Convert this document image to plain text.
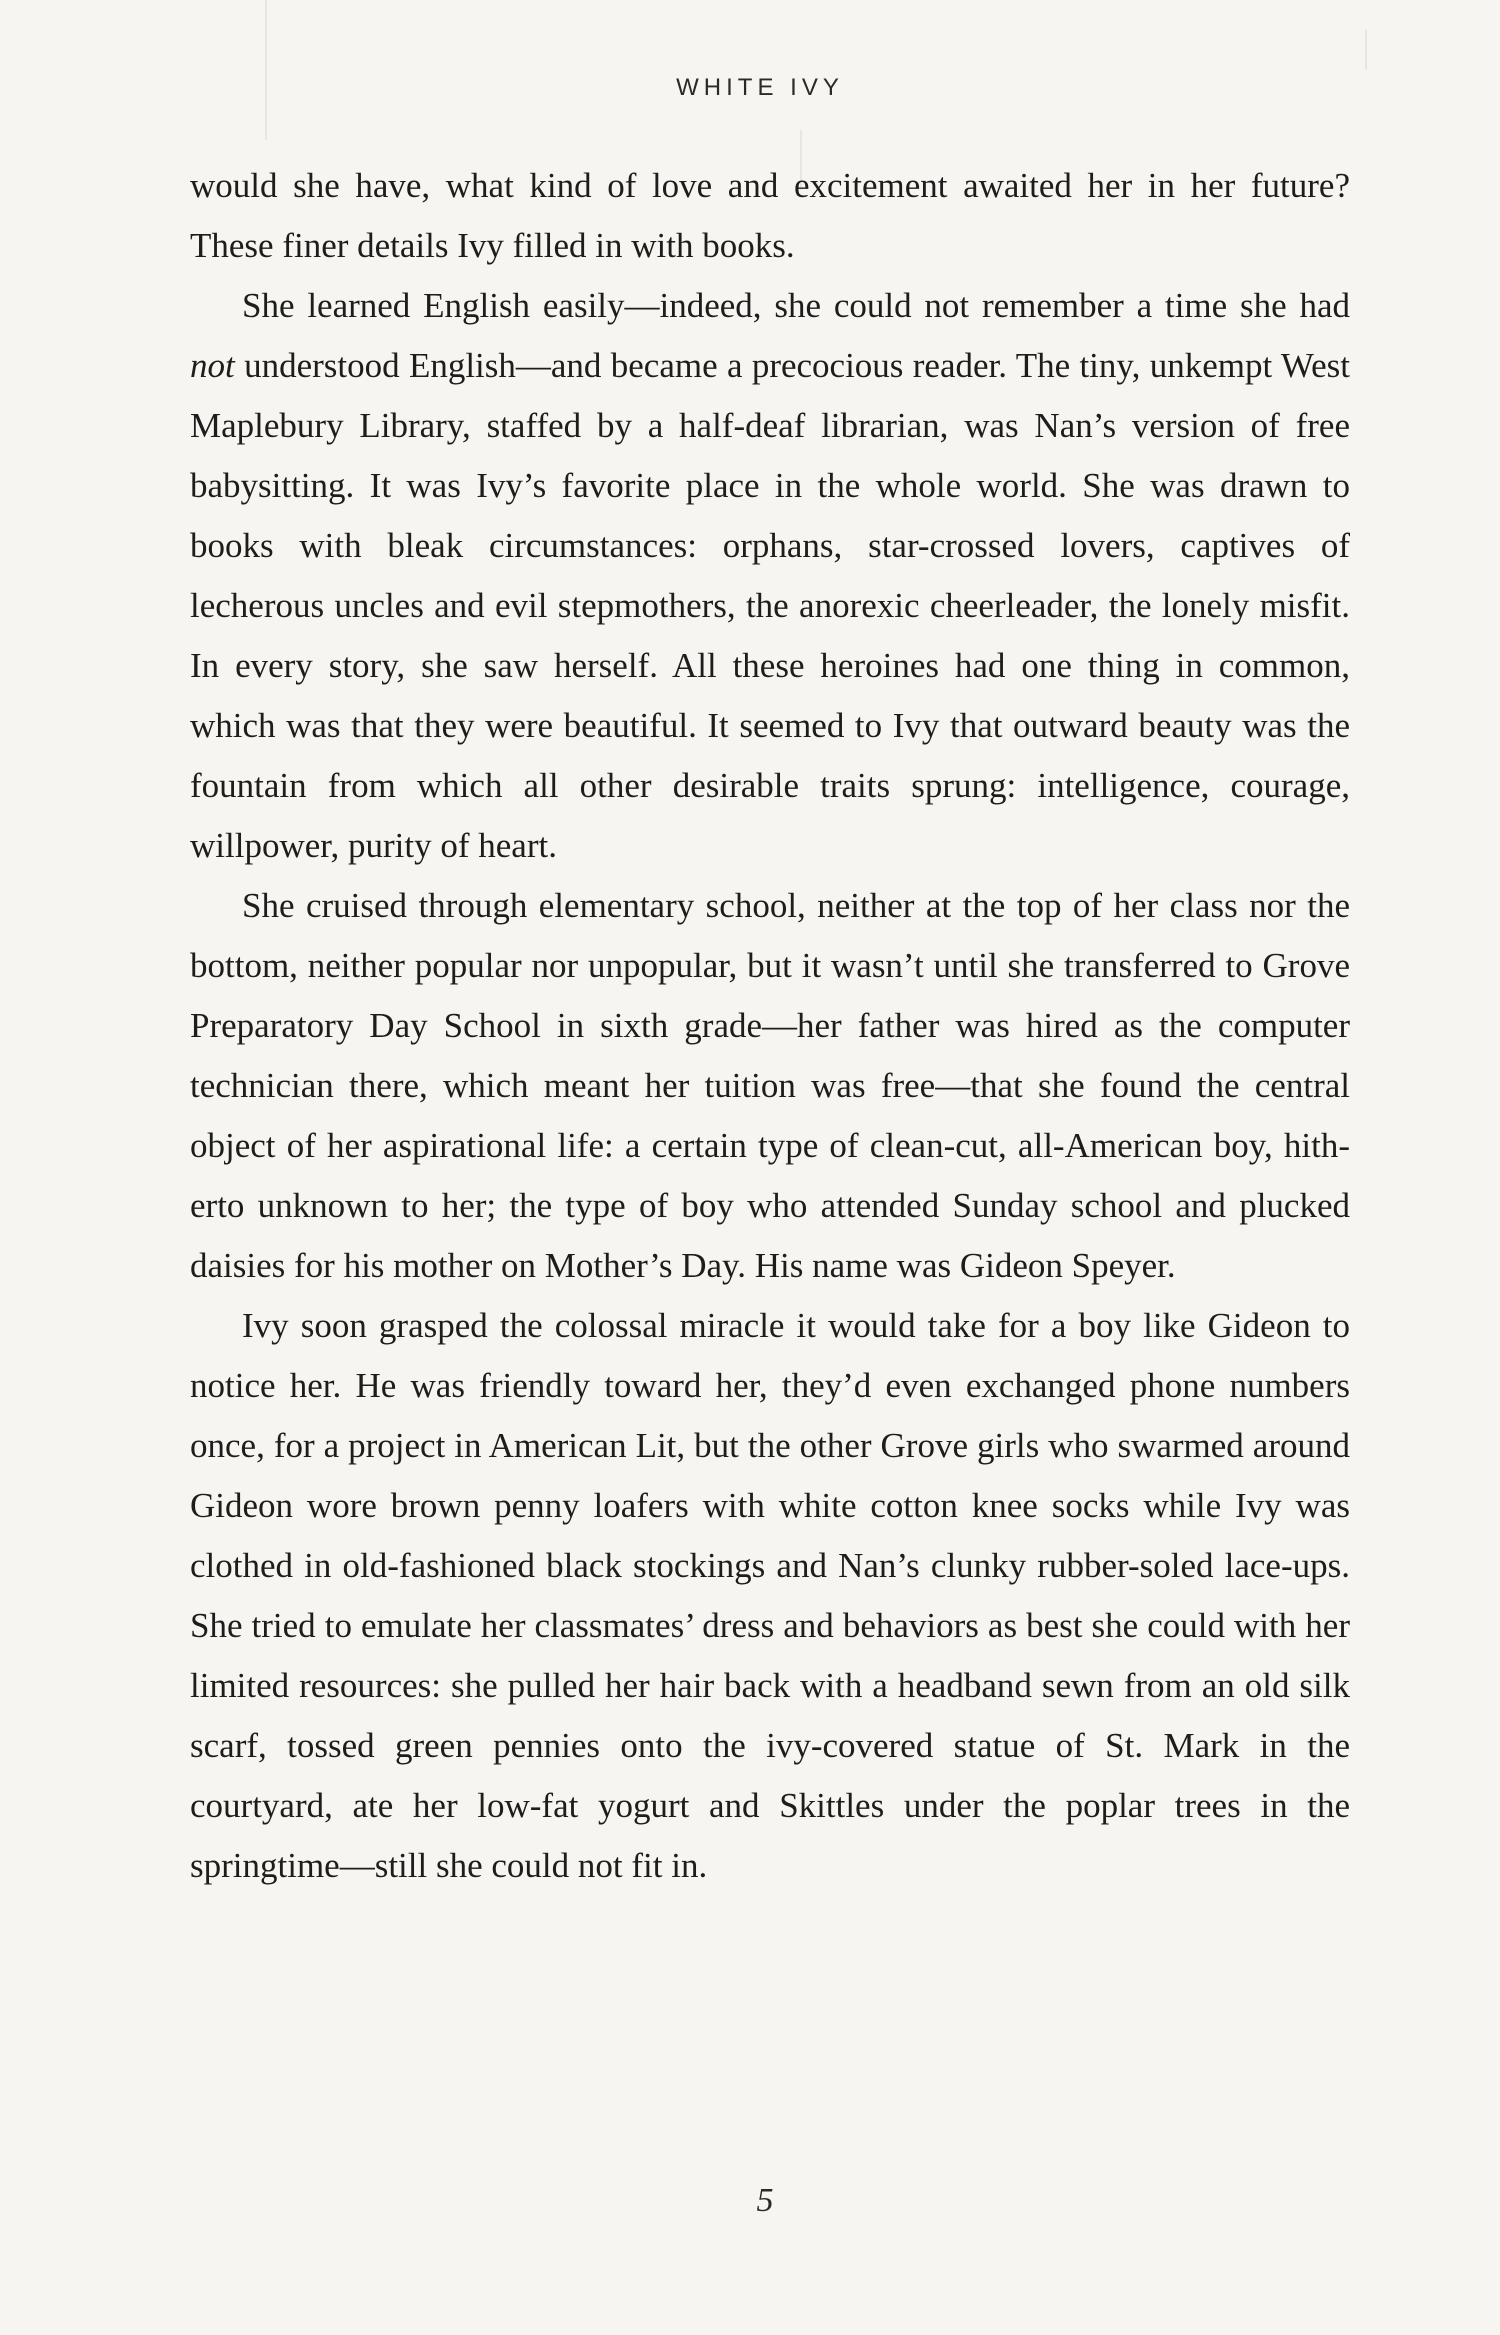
WHITE IVY

would she have, what kind of love and excitement awaited her in her future? These finer details Ivy filled in with books.

She learned English easily—indeed, she could not remember a time she had not understood English—and became a precocious reader. The tiny, unkempt West Maplebury Library, staffed by a half-deaf librarian, was Nan’s version of free babysitting. It was Ivy’s favorite place in the whole world. She was drawn to books with bleak circumstances: orphans, star-crossed lovers, captives of lecherous uncles and evil stepmothers, the anorexic cheerleader, the lonely misfit. In every story, she saw herself. All these heroines had one thing in common, which was that they were beautiful. It seemed to Ivy that outward beauty was the fountain from which all other desirable traits sprung: intelligence, courage, willpower, purity of heart.

She cruised through elementary school, neither at the top of her class nor the bottom, neither popular nor unpopular, but it wasn’t until she transferred to Grove Preparatory Day School in sixth grade—her father was hired as the computer technician there, which meant her tuition was free—that she found the central object of her aspirational life: a certain type of clean-cut, all-American boy, hitherto unknown to her; the type of boy who attended Sunday school and plucked daisies for his mother on Mother’s Day. His name was Gideon Speyer.

Ivy soon grasped the colossal miracle it would take for a boy like Gideon to notice her. He was friendly toward her, they’d even exchanged phone numbers once, for a project in American Lit, but the other Grove girls who swarmed around Gideon wore brown penny loafers with white cotton knee socks while Ivy was clothed in old-fashioned black stockings and Nan’s clunky rubber-soled lace-ups. She tried to emulate her classmates’ dress and behaviors as best she could with her limited resources: she pulled her hair back with a headband sewn from an old silk scarf, tossed green pennies onto the ivy-covered statue of St. Mark in the courtyard, ate her low-fat yogurt and Skittles under the poplar trees in the springtime—still she could not fit in.

5
